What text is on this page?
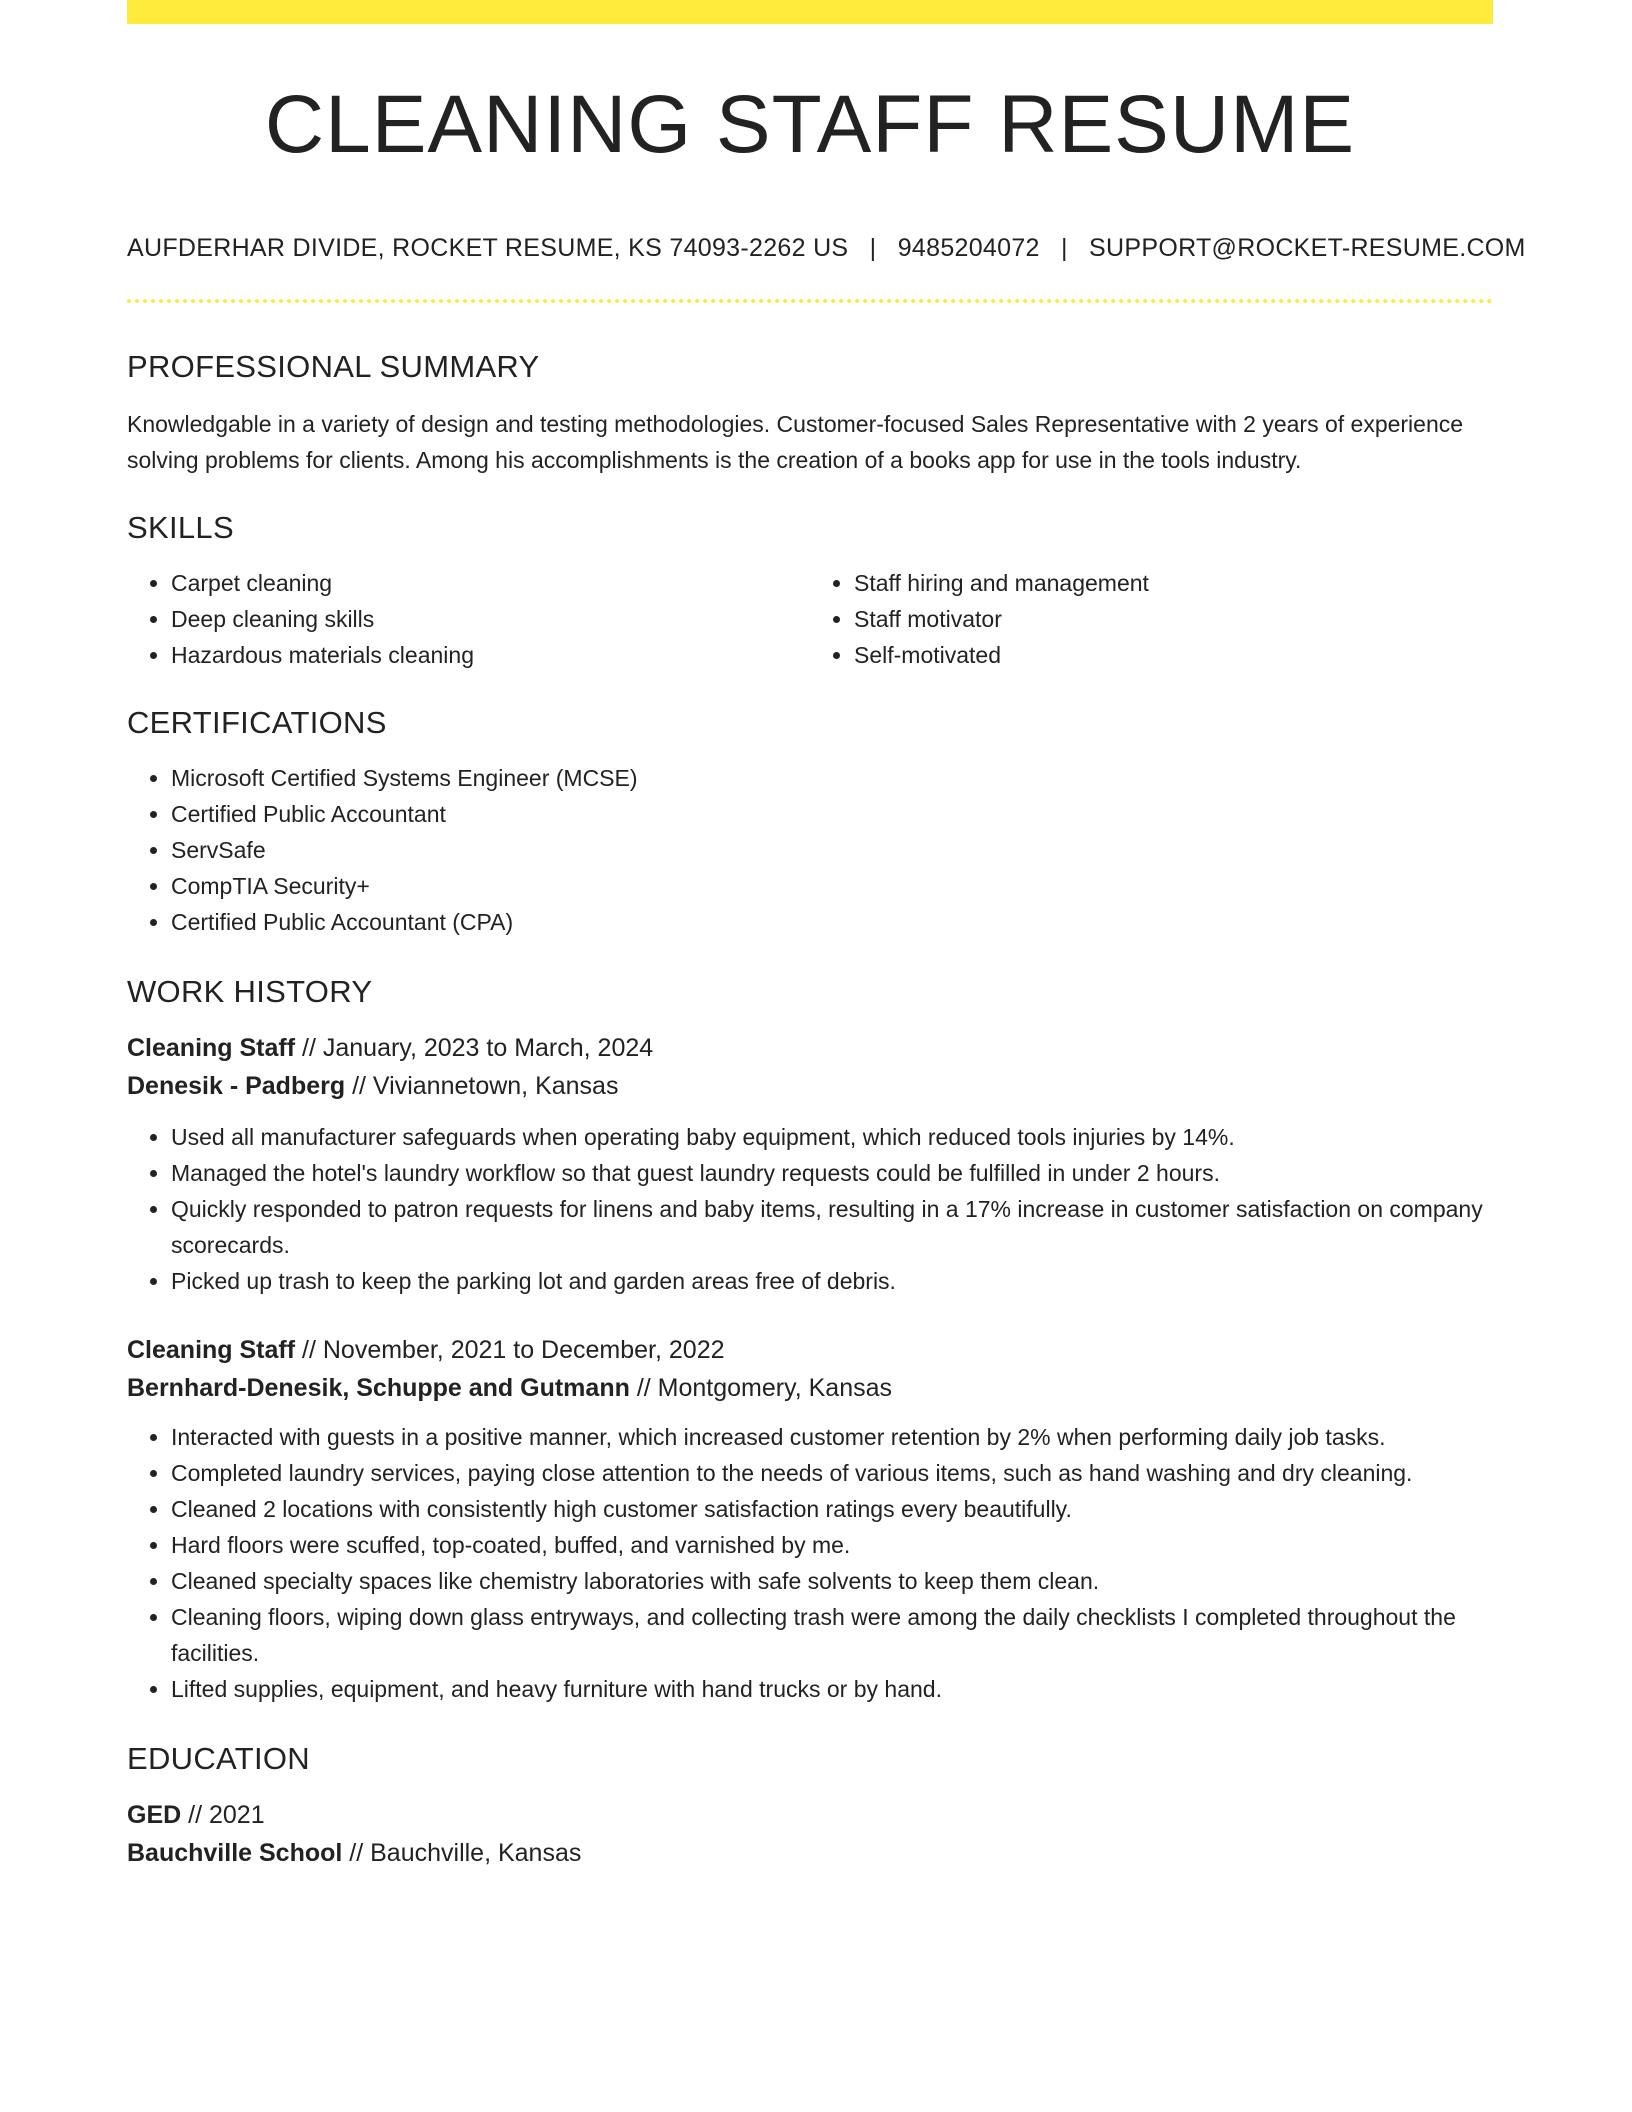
CLEANING STAFF RESUME
AUFDERHAR DIVIDE, ROCKET RESUME, KS 74093-2262 US | 9485204072 | SUPPORT@ROCKET-RESUME.COM
PROFESSIONAL SUMMARY

Knowledgable in a variety of design and testing methodologies. Customer-focused Sales Representative with 2 years of experience solving problems for clients. Among his accomplishments is the creation of a books app for use in the tools industry.

SKILLS
• Carpet cleaning
• Deep cleaning skills
• Hazardous materials cleaning
• Staff hiring and management
• Staff motivator
• Self-motivated
CERTIFICATIONS
• Microsoft Certified Systems Engineer (MCSE)
• Certified Public Accountant
• ServSafe
• CompTIA Security+
• Certified Public Accountant (CPA)
WORK HISTORY
Cleaning Staff // January, 2023 to March, 2024
Denesik - Padberg // Viviannetown, Kansas
• Used all manufacturer safeguards when operating baby equipment, which reduced tools injuries by 14%.
• Managed the hotel's laundry workflow so that guest laundry requests could be fulfilled in under 2 hours.
• Quickly responded to patron requests for linens and baby items, resulting in a 17% increase in customer satisfaction on company scorecards.
• Picked up trash to keep the parking lot and garden areas free of debris.
Cleaning Staff // November, 2021 to December, 2022
Bernhard-Denesik, Schuppe and Gutmann // Montgomery, Kansas
• Interacted with guests in a positive manner, which increased customer retention by 2% when performing daily job tasks.
• Completed laundry services, paying close attention to the needs of various items, such as hand washing and dry cleaning.
• Cleaned 2 locations with consistently high customer satisfaction ratings every beautifully.
• Hard floors were scuffed, top-coated, buffed, and varnished by me.
• Cleaned specialty spaces like chemistry laboratories with safe solvents to keep them clean.
• Cleaning floors, wiping down glass entryways, and collecting trash were among the daily checklists I completed throughout the facilities.
• Lifted supplies, equipment, and heavy furniture with hand trucks or by hand.
EDUCATION
GED // 2021
Bauchville School // Bauchville, Kansas
